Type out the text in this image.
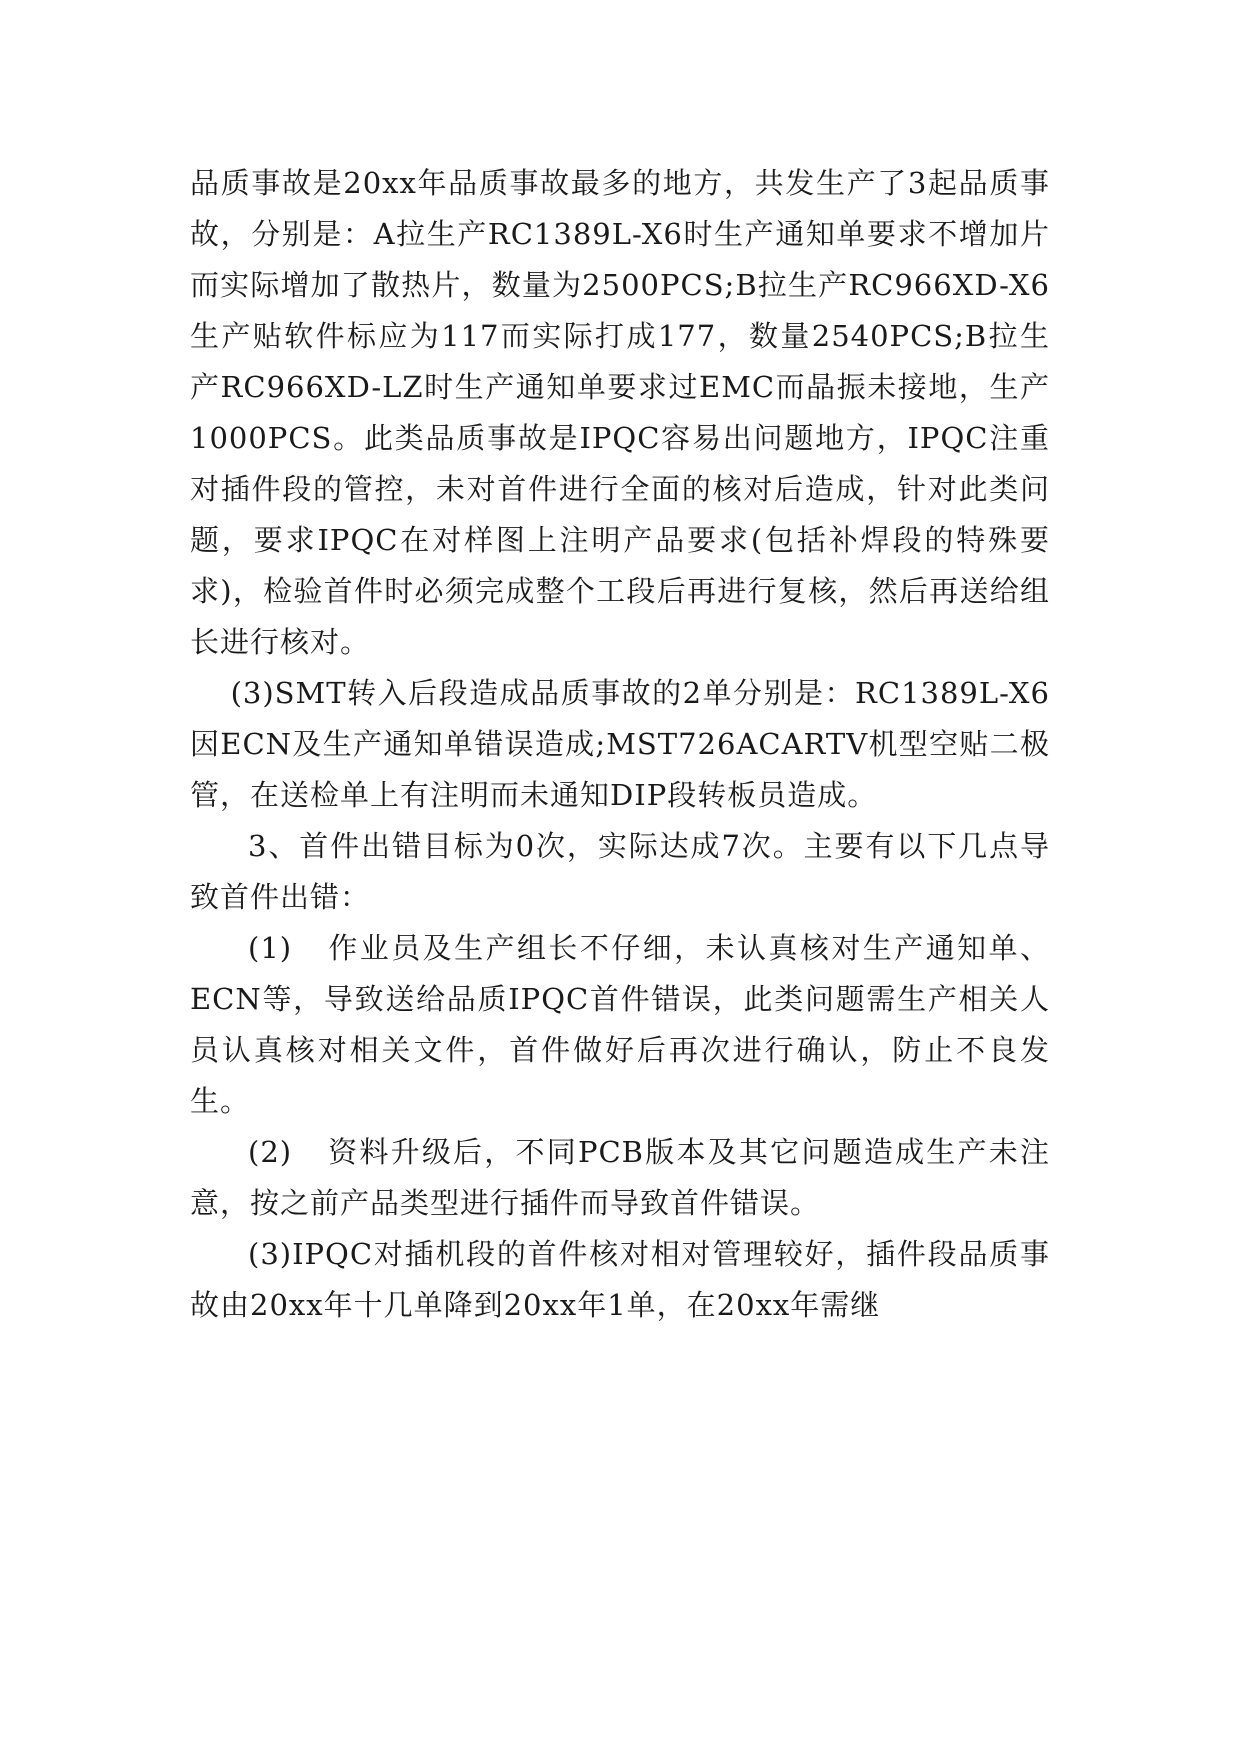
品质事故是20xx年品质事故最多的地方，共发生产了3起品质事故，分别是：A拉生产RC1389L-X6时生产通知单要求不增加片而实际增加了散热片，数量为2500PCS;B拉生产RC966XD-X6生产贴软件标应为117而实际打成177，数量2540PCS;B拉生产RC966XD-LZ时生产通知单要求过EMC而晶振未接地，生产1000PCS。此类品质事故是IPQC容易出问题地方，IPQC注重对插件段的管控，未对首件进行全面的核对后造成，针对此类问题，要求IPQC在对样图上注明产品要求(包括补焊段的特殊要求)，检验首件时必须完成整个工段后再进行复核，然后再送给组长进行核对。

(3)SMT转入后段造成品质事故的2单分别是：RC1389L-X6因ECN及生产通知单错误造成;MST726ACARTV机型空贴二极管，在送检单上有注明而未通知DIP段转板员造成。

3、首件出错目标为0次，实际达成7次。主要有以下几点导致首件出错：

(1) 作业员及生产组长不仔细，未认真核对生产通知单、ECN等，导致送给品质IPQC首件错误，此类问题需生产相关人员认真核对相关文件，首件做好后再次进行确认，防止不良发生。

(2) 资料升级后，不同PCB版本及其它问题造成生产未注意，按之前产品类型进行插件而导致首件错误。

(3)IPQC对插机段的首件核对相对管理较好，插件段品质事故由20xx年十几单降到20xx年1单，在20xx年需继
